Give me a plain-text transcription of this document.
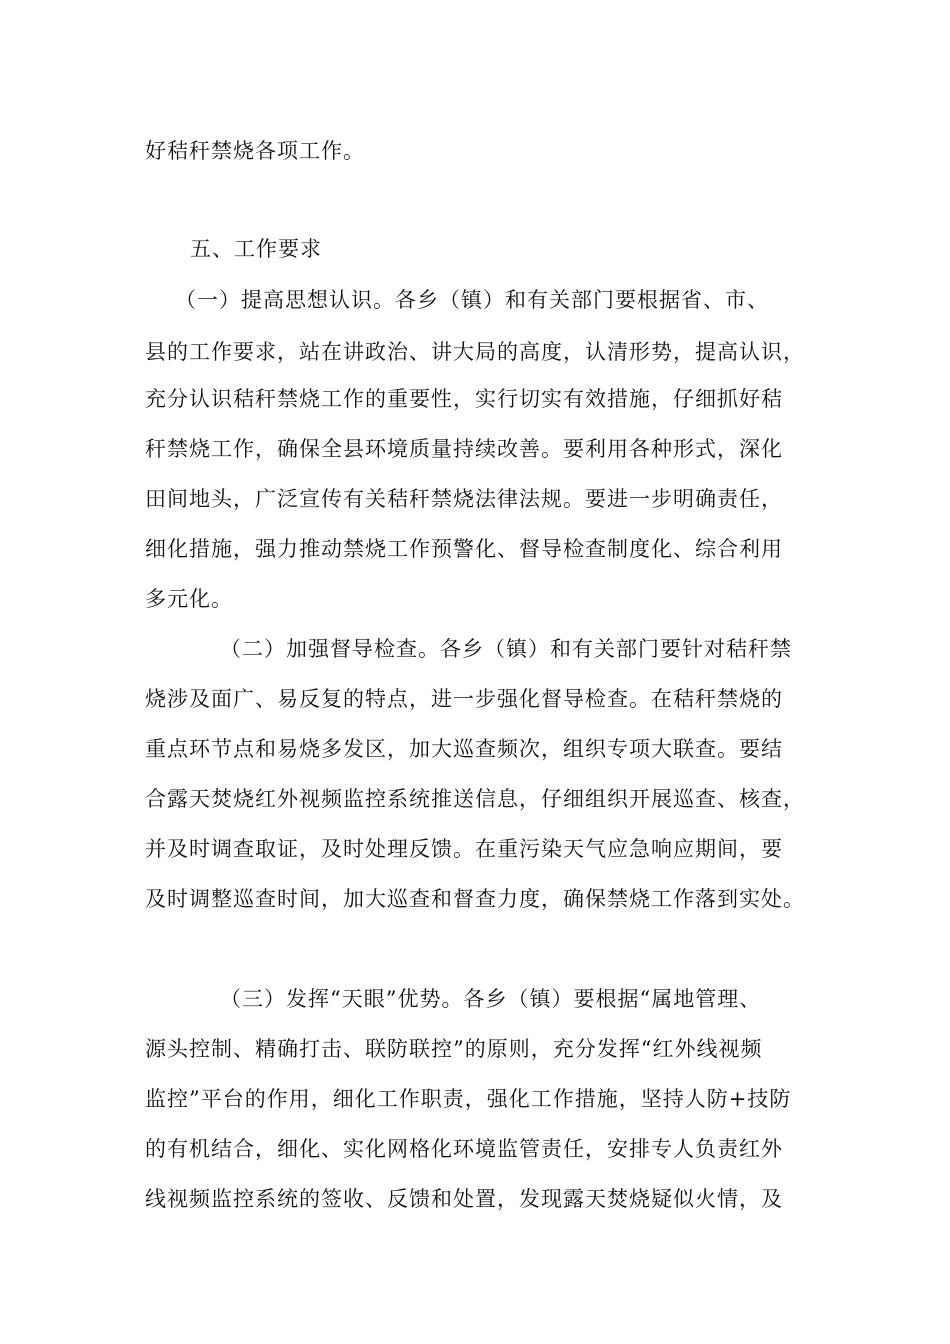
好秸秆禁烧各项工作。
五、工作要求
（一）提高思想认识。各乡（镇）和有关部门要根据省、市、
县的工作要求，站在讲政治、讲大局的高度，认清形势，提高认识，
充分认识秸秆禁烧工作的重要性，实行切实有效措施，仔细抓好秸
秆禁烧工作，确保全县环境质量持续改善。要利用各种形式，深化
田间地头，广泛宣传有关秸秆禁烧法律法规。要进一步明确责任，
细化措施，强力推动禁烧工作预警化、督导检查制度化、综合利用
多元化。
（二）加强督导检查。各乡（镇）和有关部门要针对秸秆禁
烧涉及面广、易反复的特点，进一步强化督导检查。在秸秆禁烧的
重点环节点和易烧多发区，加大巡查频次，组织专项大联查。要结
合露天焚烧红外视频监控系统推送信息，仔细组织开展巡查、核查，
并及时调查取证，及时处理反馈。在重污染天气应急响应期间，要
及时调整巡查时间，加大巡查和督查力度，确保禁烧工作落到实处。
（三）发挥“天眼”优势。各乡（镇）要根据“属地管理、
源头控制、精确打击、联防联控”的原则，充分发挥“红外线视频
监控”平台的作用，细化工作职责，强化工作措施，坚持人防+技防
的有机结合，细化、实化网格化环境监管责任，安排专人负责红外
线视频监控系统的签收、反馈和处置，发现露天焚烧疑似火情，及
